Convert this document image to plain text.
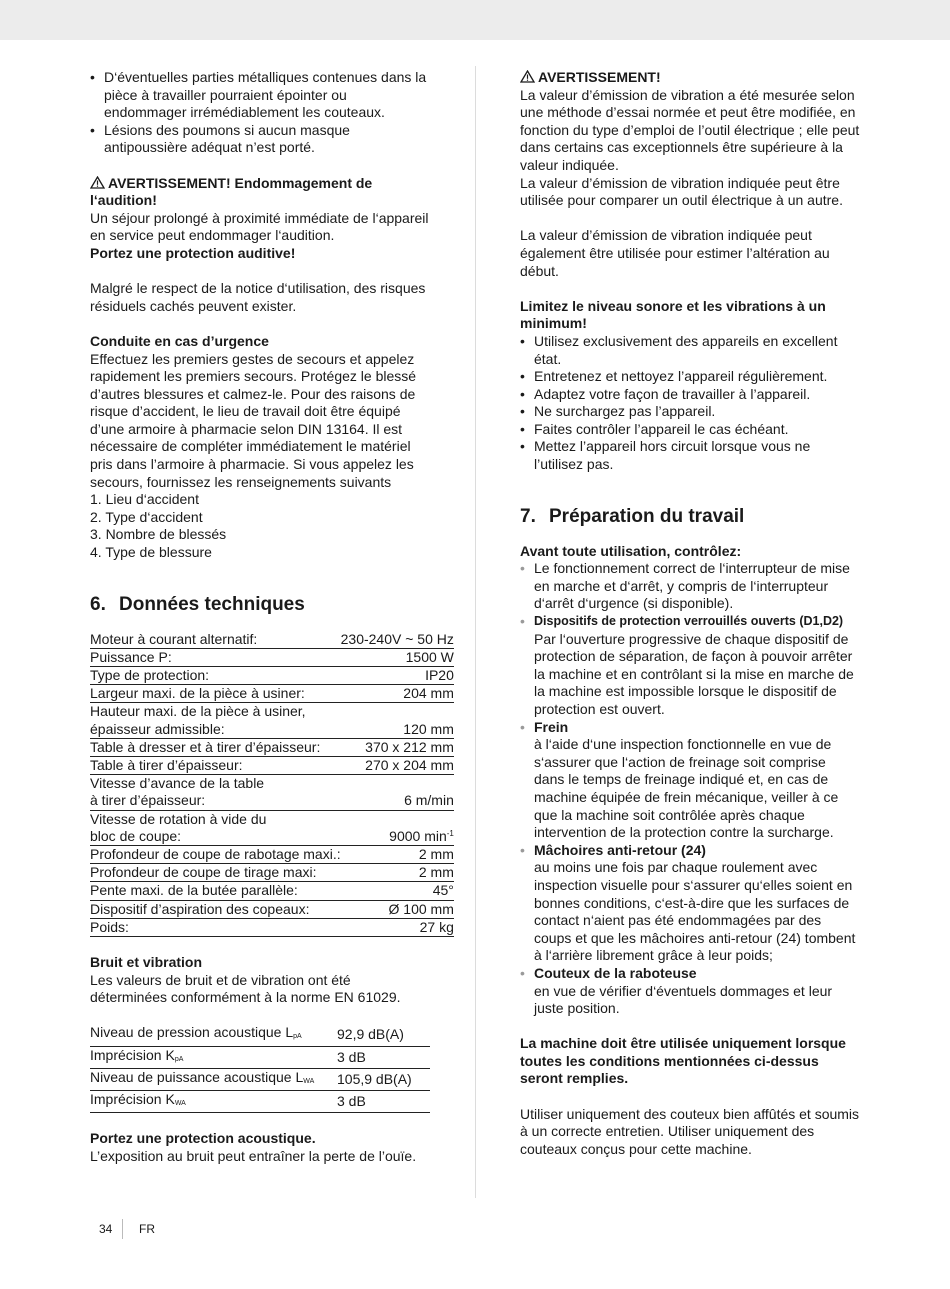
• D‘éventuelles parties métalliques contenues dans la pièce à travailler pourraient épointer ou endommager irrémédiablement les couteaux.
• Lésions des poumons si aucun masque antipoussière adéquat n’est porté.

AVERTISSEMENT! Endommagement de l‘audition!

Un séjour prolongé à proximité immédiate de l‘appareil en service peut endommager l‘audition.

Portez une protection auditive!

Malgré le respect de la notice d‘utilisation, des risques résiduels cachés peuvent exister.

Conduite en cas d’urgence

Effectuez les premiers gestes de secours et appelez rapidement les premiers secours. Protégez le blessé d’autres blessures et calmez-le. Pour des raisons de risque d’accident, le lieu de travail doit être équipé d’une armoire à pharmacie selon DIN 13164. Il est nécessaire de compléter immédiatement le matériel pris dans l’armoire à pharmacie. Si vous appelez les secours, fournissez les renseignements suivants

1. Lieu d‘accident
2. Type d‘accident
3. Nombre de blessés
4. Type de blessure
6. Données techniques
Moteur à courant alternatif:	230-240V ~ 50 Hz
Puissance P:	1500 W
Type de protection:	IP20
Largeur maxi. de la pièce à usiner:	204 mm

Hauteur maxi. de la pièce à usiner,
épaisseur admissible:	120 mm
Table à dresser et à tirer d’épaisseur:	370 x 212 mm
Table à tirer d’épaisseur:	270 x 204 mm

Vitesse d’avance de la table
à tirer d’épaisseur:	6 m/min

Vitesse de rotation à vide du
bloc de coupe:	9000 $\min^{-1}$
Profondeur de coupe de rabotage maxi.:	2 mm
Profondeur de coupe de tirage maxi:	2 mm
Pente maxi. de la butée parallèle:	45°
Dispositif d’aspiration des copeaux:	Ø 100 mm
Poids:	27 kg

Bruit et vibration

Les valeurs de bruit et de vibration ont été déterminées conformément à la norme EN 61029.

Niveau de pression acoustique $L_{pA}$	92,9 dB(A)
Imprécision $K_{pA}$	3 dB
Niveau de puissance acoustique $L_{WA}$	105,9 dB(A)
Imprécision $K_{WA}$	3 dB

Portez une protection acoustique.

L’exposition au bruit peut entraîner la perte de l’ouïe.

AVERTISSEMENT!

La valeur d’émission de vibration a été mesurée selon une méthode d’essai normée et peut être modifiée, en fonction du type d’emploi de l’outil électrique ; elle peut dans certains cas exceptionnels être supérieure à la valeur indiquée.

La valeur d’émission de vibration indiquée peut être utilisée pour comparer un outil électrique à un autre.

La valeur d’émission de vibration indiquée peut également être utilisée pour estimer l’altération au début.

Limitez le niveau sonore et les vibrations à un minimum!

• Utilisez exclusivement des appareils en excellent état.
• Entretenez et nettoyez l’appareil régulièrement.
• Adaptez votre façon de travailler à l’appareil.
• Ne surchargez pas l’appareil.
• Faites contrôler l’appareil le cas échéant.
• Mettez l’appareil hors circuit lorsque vous ne l’utilisez pas.
7. Préparation du travail

Avant toute utilisation, contrôlez:

• Le fonctionnement correct de l‘interrupteur de mise en marche et d‘arrêt, y compris de l‘interrupteur d‘arrêt d‘urgence (si disponible).
• Dispositifs de protection verrouillés ouverts (D1,D2)
Par l‘ouverture progressive de chaque dispositif de protection de séparation, de façon à pouvoir arrêter la machine et en contrôlant si la mise en marche de la machine est impossible lorsque le dispositif de protection est ouvert.
• Frein
à l‘aide d‘une inspection fonctionnelle en vue de s‘assurer que l‘action de freinage soit comprise dans le temps de freinage indiqué et, en cas de machine équipée de frein mécanique, veiller à ce que la machine soit contrôlée après chaque intervention de la protection contre la surcharge.
• Mâchoires anti-retour (24)
au moins une fois par chaque roulement avec inspection visuelle pour s‘assurer qu‘elles soient en bonnes conditions, c‘est-à-dire que les surfaces de contact n‘aient pas été endommagées par des coups et que les mâchoires anti-retour (24) tombent à l‘arrière librement grâce à leur poids;
• Couteux de la raboteuse
en vue de vérifier d‘éventuels dommages et leur juste position.

La machine doit être utilisée uniquement lorsque toutes les conditions mentionnées ci-dessus seront remplies.

Utiliser uniquement des couteux bien affûtés et soumis à un correcte entretien. Utiliser uniquement des couteaux conçus pour cette machine.

34 FR
